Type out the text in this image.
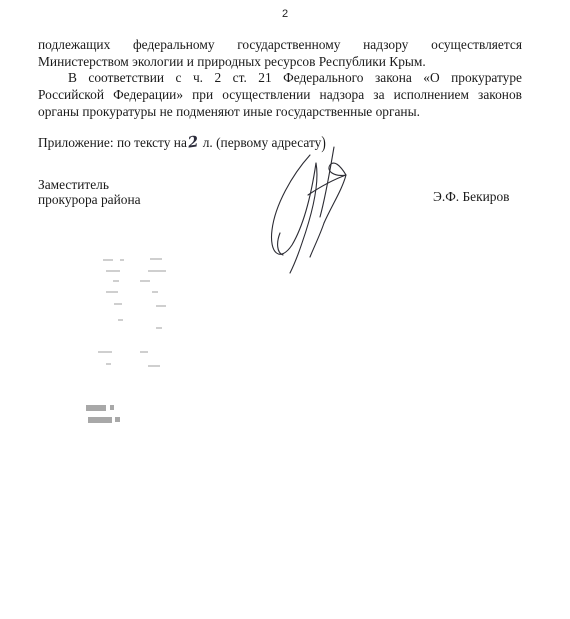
2
подлежащих федеральному государственному надзору осуществляется
Министерством экологии и природных ресурсов Республики Крым.
В соответствии с ч. 2 ст. 21 Федерального закона «О прокуратуре
Российской Федерации» при осуществлении надзора за исполнением законов
органы прокуратуры не подменяют иные государственные органы.
Приложение: по тексту на2 л. (первому адресату)
Заместитель
прокурора района	Э.Ф. Бекиров
